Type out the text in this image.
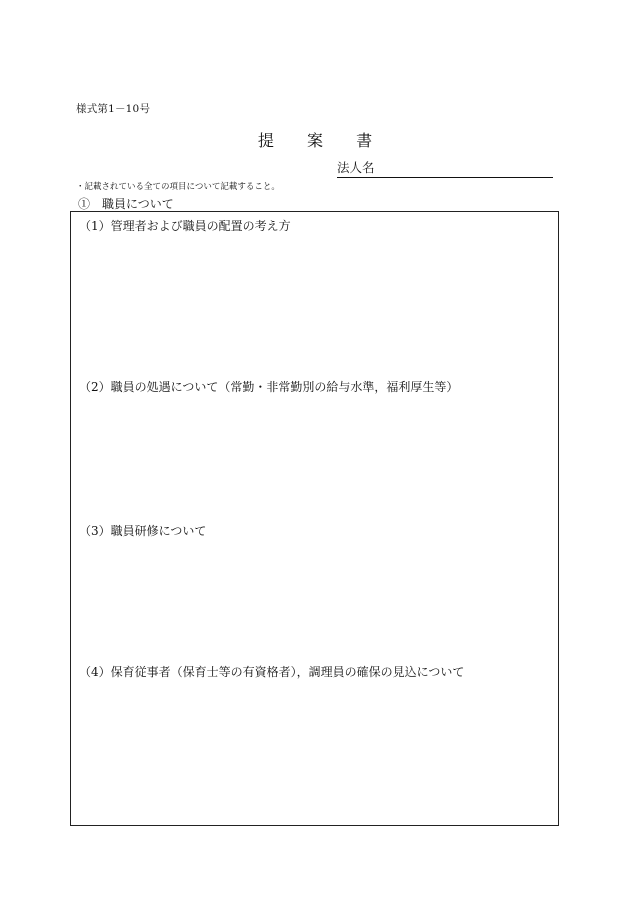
様式第1－10号
提 案 書
法人名
・記載されている全ての項目について記載すること。
①　職員について
（1）管理者および職員の配置の考え方
（2）職員の処遇について（常勤・非常勤別の給与水準，福利厚生等）
（3）職員研修について
（4）保育従事者（保育士等の有資格者），調理員の確保の見込について
